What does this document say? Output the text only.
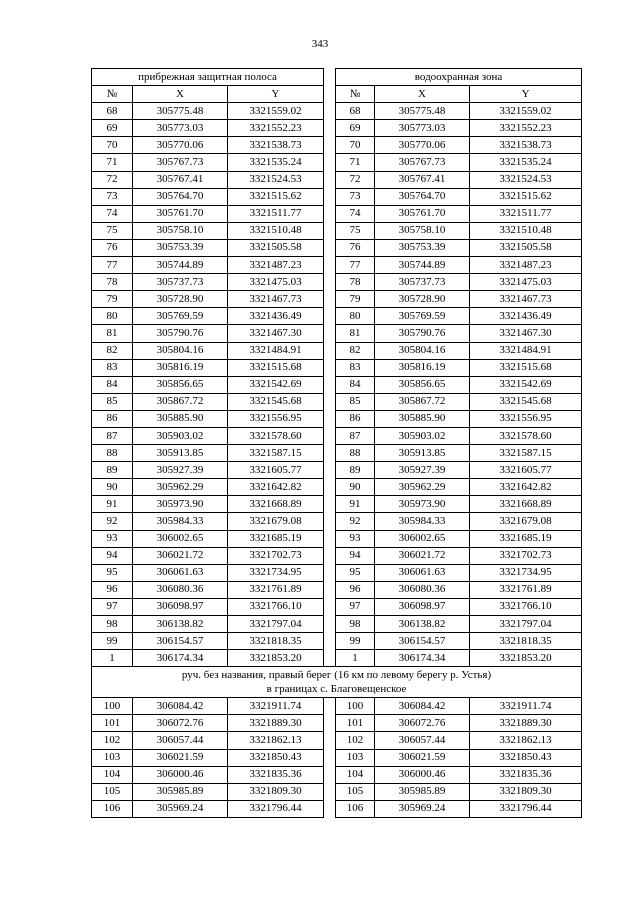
343
прибрежная защитная полоса				водоохранная зона		
№	X	Y		№	X	Y
68	305775.48	3321559.02		68	305775.48	3321559.02
69	305773.03	3321552.23		69	305773.03	3321552.23
70	305770.06	3321538.73		70	305770.06	3321538.73
71	305767.73	3321535.24		71	305767.73	3321535.24
72	305767.41	3321524.53		72	305767.41	3321524.53
73	305764.70	3321515.62		73	305764.70	3321515.62
74	305761.70	3321511.77		74	305761.70	3321511.77
75	305758.10	3321510.48		75	305758.10	3321510.48
76	305753.39	3321505.58		76	305753.39	3321505.58
77	305744.89	3321487.23		77	305744.89	3321487.23
78	305737.73	3321475.03		78	305737.73	3321475.03
79	305728.90	3321467.73		79	305728.90	3321467.73
80	305769.59	3321436.49		80	305769.59	3321436.49
81	305790.76	3321467.30		81	305790.76	3321467.30
82	305804.16	3321484.91		82	305804.16	3321484.91
83	305816.19	3321515.68		83	305816.19	3321515.68
84	305856.65	3321542.69		84	305856.65	3321542.69
85	305867.72	3321545.68		85	305867.72	3321545.68
86	305885.90	3321556.95		86	305885.90	3321556.95
87	305903.02	3321578.60		87	305903.02	3321578.60
88	305913.85	3321587.15		88	305913.85	3321587.15
89	305927.39	3321605.77		89	305927.39	3321605.77
90	305962.29	3321642.82		90	305962.29	3321642.82
91	305973.90	3321668.89		91	305973.90	3321668.89
92	305984.33	3321679.08		92	305984.33	3321679.08
93	306002.65	3321685.19		93	306002.65	3321685.19
94	306021.72	3321702.73		94	306021.72	3321702.73
95	306061.63	3321734.95		95	306061.63	3321734.95
96	306080.36	3321761.89		96	306080.36	3321761.89
97	306098.97	3321766.10		97	306098.97	3321766.10
98	306138.82	3321797.04		98	306138.82	3321797.04
99	306154.57	3321818.35		99	306154.57	3321818.35
1	306174.34	3321853.20		1	306174.34	3321853.20

руч. без названия, правый берег (16 км по левому берегу р. Устья)
в границах с. Благовещенское						

100	306084.42	3321911.74		100	306084.42	3321911.74
101	306072.76	3321889.30		101	306072.76	3321889.30
102	306057.44	3321862.13		102	306057.44	3321862.13
103	306021.59	3321850.43		103	306021.59	3321850.43
104	306000.46	3321835.36		104	306000.46	3321835.36
105	305985.89	3321809.30		105	305985.89	3321809.30
106	305969.24	3321796.44		106	305969.24	3321796.44
